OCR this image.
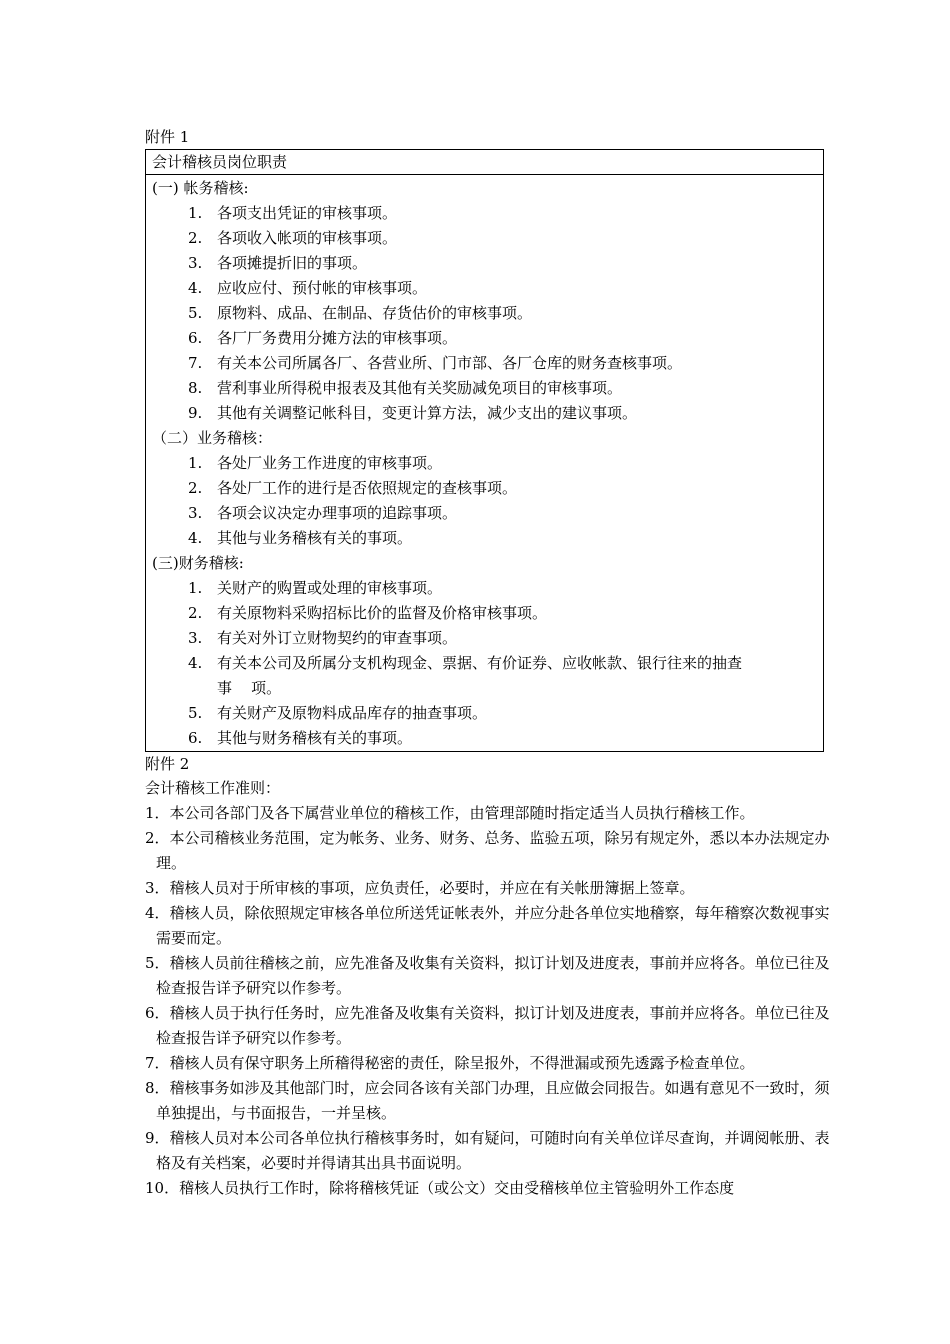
附件 1
会计稽核员岗位职责
(一) 帐务稽核:
1. 各项支出凭证的审核事项。
2. 各项收入帐项的审核事项。
3. 各项摊提折旧的事项。
4. 应收应付、预付帐的审核事项。
5. 原物料、成品、在制品、存货估价的审核事项。
6. 各厂厂务费用分摊方法的审核事项。
7. 有关本公司所属各厂、各营业所、门市部、各厂仓库的财务查核事项。
8. 营利事业所得税申报表及其他有关奖励减免项目的审核事项。
9. 其他有关调整记帐科目，变更计算方法，减少支出的建议事项。
（二）业务稽核：
1. 各处厂业务工作进度的审核事项。
2. 各处厂工作的进行是否依照规定的查核事项。
3. 各项会议决定办理事项的追踪事项。
4. 其他与业务稽核有关的事项。
(三)财务稽核:
1. 关财产的购置或处理的审核事项。
2. 有关原物料采购招标比价的监督及价格审核事项。
3. 有关对外订立财物契约的审查事项。
4. 有关本公司及所属分支机构现金、票据、有价证券、应收帐款、银行往来的抽查
事    项。
5. 有关财产及原物料成品库存的抽查事项。
6. 其他与财务稽核有关的事项。
附件 2
会计稽核工作准则：
1．本公司各部门及各下属营业单位的稽核工作，由管理部随时指定适当人员执行稽核工作。
2．本公司稽核业务范围，定为帐务、业务、财务、总务、监验五项，除另有规定外，悉以本办法规定办理。
3．稽核人员对于所审核的事项，应负责任，必要时，并应在有关帐册簿据上签章。
4．稽核人员，除依照规定审核各单位所送凭证帐表外，并应分赴各单位实地稽察，每年稽察次数视事实需要而定。
5．稽核人员前往稽核之前，应先准备及收集有关资料，拟订计划及进度表，事前并应将各。单位已往及检查报告详予研究以作参考。
6．稽核人员于执行任务时，应先准备及收集有关资料，拟订计划及进度表，事前并应将各。单位已往及检查报告详予研究以作参考。
7．稽核人员有保守职务上所稽得秘密的责任，除呈报外，不得泄漏或预先透露予检查单位。
8．稽核事务如涉及其他部门时，应会同各该有关部门办理，且应做会同报告。如遇有意见不一致时，须单独提出，与书面报告，一并呈核。
9．稽核人员对本公司各单位执行稽核事务时，如有疑问，可随时向有关单位详尽查询，并调阅帐册、表格及有关档案，必要时并得请其出具书面说明。
10．稽核人员执行工作时，除将稽核凭证（或公文）交由受稽核单位主管验明外工作态度
